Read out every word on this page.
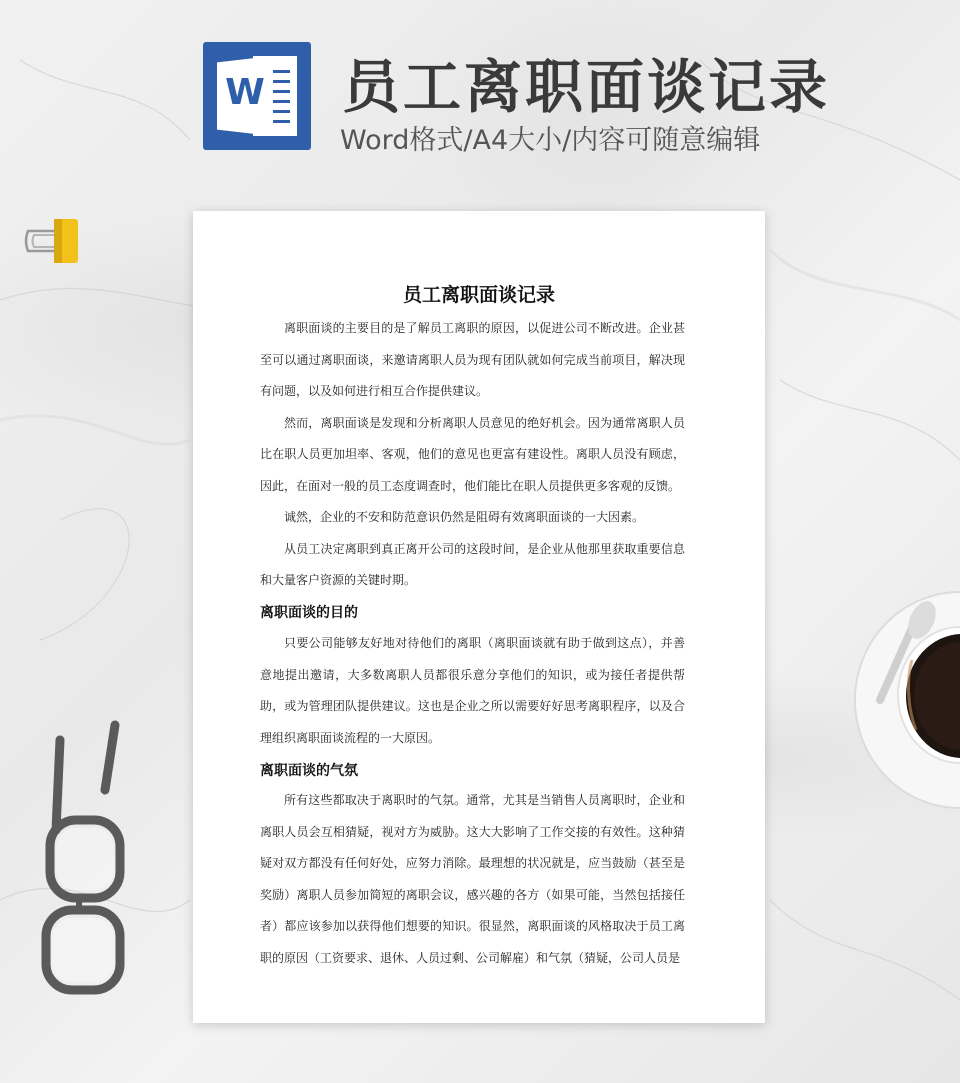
W 员工离职面谈记录
Word格式/A4大小/内容可随意编辑
员工离职面谈记录

离职面谈的主要目的是了解员工离职的原因，以促进公司不断改进。企业甚至可以通过离职面谈，来邀请离职人员为现有团队就如何完成当前项目，解决现有问题，以及如何进行相互合作提供建议。

然而，离职面谈是发现和分析离职人员意见的绝好机会。因为通常离职人员比在职人员更加坦率、客观，他们的意见也更富有建设性。离职人员没有顾虑，因此，在面对一般的员工态度调查时，他们能比在职人员提供更多客观的反馈。

诚然，企业的不安和防范意识仍然是阻碍有效离职面谈的一大因素。

从员工决定离职到真正离开公司的这段时间，是企业从他那里获取重要信息和大量客户资源的关键时期。

离职面谈的目的

只要公司能够友好地对待他们的离职（离职面谈就有助于做到这点），并善意地提出邀请，大多数离职人员都很乐意分享他们的知识，或为接任者提供帮助，或为管理团队提供建议。这也是企业之所以需要好好思考离职程序，以及合理组织离职面谈流程的一大原因。

离职面谈的气氛

所有这些都取决于离职时的气氛。通常，尤其是当销售人员离职时，企业和离职人员会互相猜疑，视对方为威胁。这大大影响了工作交接的有效性。这种猜疑对双方都没有任何好处，应努力消除。最理想的状况就是，应当鼓励（甚至是奖励）离职人员参加简短的离职会议，感兴趣的各方（如果可能，当然包括接任者）都应该参加以获得他们想要的知识。很显然，离职面谈的风格取决于员工离职的原因（工资要求、退休、人员过剩、公司解雇）和气氛（猜疑，公司人员是
